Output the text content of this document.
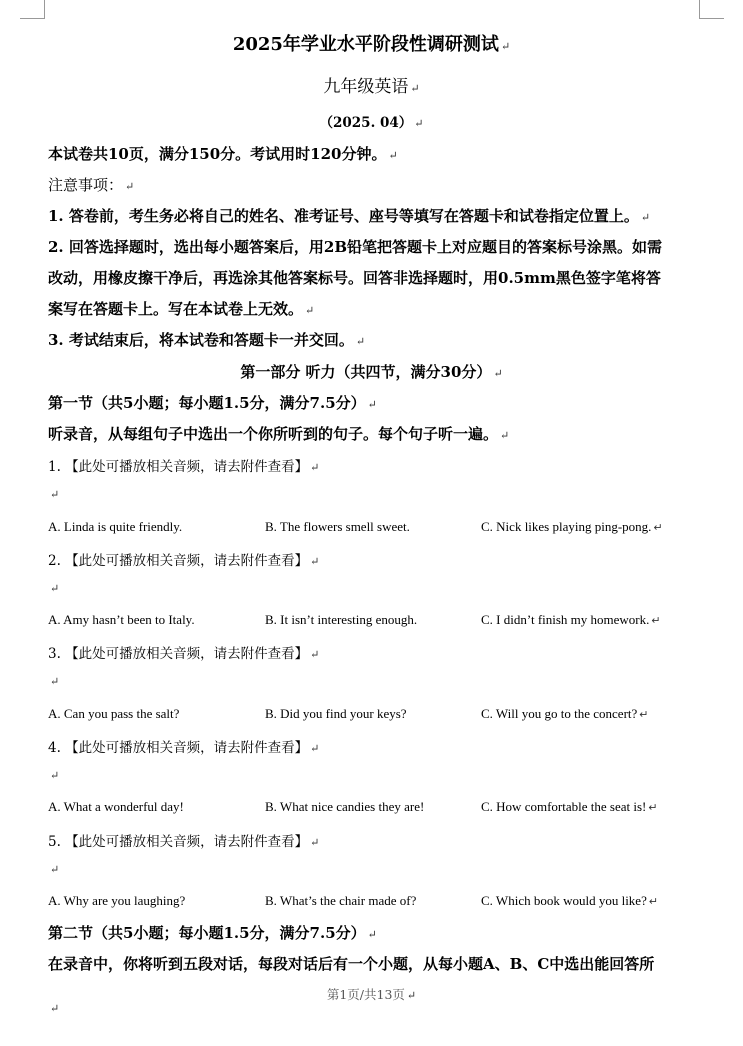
2025年学业水平阶段性调研测试 ↵
九年级英语 ↵
（2025. 04） ↵
本试卷共10页，满分150分。考试用时120分钟。 ↵
注意事项： ↵
1. 答卷前，考生务必将自己的姓名、准考证号、座号等填写在答题卡和试卷指定位置上。 ↵
2. 回答选择题时，选出每小题答案后，用2B铅笔把答题卡上对应题目的答案标号涂黑。如需
改动，用橡皮擦干净后，再选涂其他答案标号。回答非选择题时，用0.5mm黑色签字笔将答
案写在答题卡上。写在本试卷上无效。 ↵
3. 考试结束后，将本试卷和答题卡一并交回。 ↵
第一部分 听力（共四节，满分30分） ↵
第一节（共5小题；每小题1.5分，满分7.5分） ↵
听录音，从每组句子中选出一个你所听到的句子。每个句子听一遍。 ↵
1. 【此处可播放相关音频，请去附件查看】 ↵
↵
A. Linda is quite friendly.	B. The flowers smell sweet.	C. Nick likes playing ping-pong. ↵
2. 【此处可播放相关音频，请去附件查看】 ↵
↵
A. Amy hasn’t been to Italy.	B. It isn’t interesting enough.	C. I didn’t finish my homework. ↵
3. 【此处可播放相关音频，请去附件查看】 ↵
↵
A. Can you pass the salt?	B. Did you find your keys?	C. Will you go to the concert? ↵
4. 【此处可播放相关音频，请去附件查看】 ↵
↵
A. What a wonderful day!	B. What nice candies they are!	C. How comfortable the seat is! ↵
5. 【此处可播放相关音频，请去附件查看】 ↵
↵
A. Why are you laughing?	B. What’s the chair made of?	C. Which book would you like? ↵
第二节（共5小题；每小题1.5分，满分7.5分） ↵
在录音中，你将听到五段对话，每段对话后有一个小题，从每小题A、B、C中选出能回答所
第1页/共13页 ↵
↵
